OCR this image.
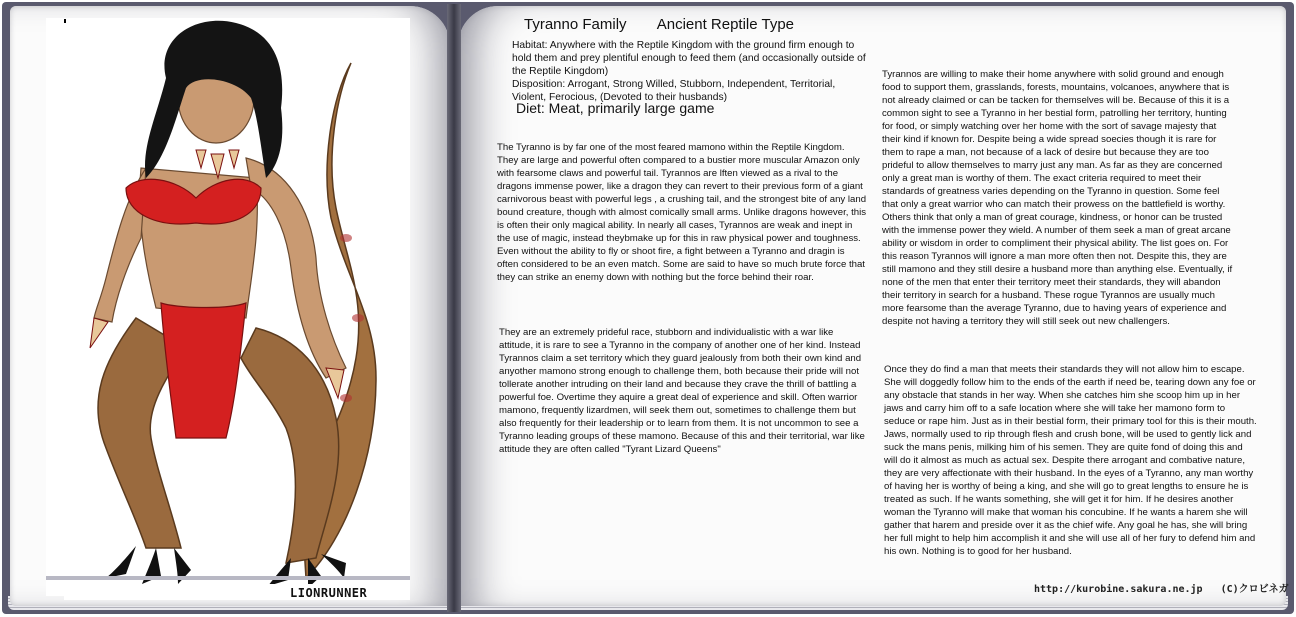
LIONRUNNER
Tyranno Family Ancient Reptile Type

Habitat: Anywhere with the Reptile Kingdom with the ground firm enough to hold them and prey plentiful enough to feed them (and occasionally outside of the Reptile Kingdom)

Disposition: Arrogant, Strong Willed, Stubborn, Independent, Territorial, Violent, Ferocious, (Devoted to their husbands)

Diet: Meat, primarily large game

The Tyranno is by far one of the most feared mamono within the Reptile Kingdom. They are large and powerful often compared to a bustier more muscular Amazon only with fearsome claws and powerful tail. Tyrannos are lften viewed as a rival to the dragons immense power, like a dragon they can revert to their previous form of a giant carnivorous beast with powerful legs , a crushing tail, and the strongest bite of any land bound creature, though with almost comically small arms. Unlike dragons however, this is often their only magical ability. In nearly all cases, Tyrannos are weak and inept in the use of magic, instead theybmake up for this in raw physical power and toughness. Even without the ability to fly or shoot fire, a fight between a Tyranno and dragin is often considered to be an even match. Some are said to have so much brute force that they can strike an enemy down with nothing but the force behind their roar.

They are an extremely prideful race, stubborn and individualistic with a war like attitude, it is rare to see a Tyranno in the company of another one of her kind. Instead Tyrannos claim a set territory which they guard jealously from both their own kind and anyother mamono strong enough to challenge them, both because their pride will not tollerate another intruding on their land and because they crave the thrill of battling a powerful foe. Overtime they aquire a great deal of experience and skill. Often warrior mamono, frequently lizardmen, will seek them out, sometimes to challenge them but also frequently for their leadership or to learn from them. It is not uncommon to see a Tyranno leading groups of these mamono. Because of this and their territorial, war like attitude they are often called "Tyrant Lizard Queens"

Tyrannos are willing to make their home anywhere with solid ground and enough food to support them, grasslands, forests, mountains, volcanoes, anywhere that is not already claimed or can be tacken for themselves will be. Because of this it is a common sight to see a Tyranno in her bestial form, patrolling her territory, hunting for food, or simply watching over her home with the sort of savage majesty that their kind if known for. Despite being a wide spread soecies though it is rare for them to rape a man, not because of a lack of desire but because they are too prideful to allow themselves to marry just any man. As far as they are concerned only a great man is worthy of them. The exact criteria required to meet their standards of greatness varies depending on the Tyranno in question. Some feel that only a great warrior who can match their prowess on the battlefield is worthy. Others think that only a man of great courage, kindness, or honor can be trusted with the immense power they wield. A number of them seek a man of great arcane ability or wisdom in order to compliment their physical ability. The list goes on. For this reason Tyrannos will ignore a man more often then not. Despite this, they are still mamono and they still desire a husband more than anything else. Eventually, if none of the men that enter their territory meet their standards, they will abandon their territory in search for a husband. These rogue Tyrannos are usually much more fearsome than the average Tyranno, due to having years of experience and despite not having a territory they will still seek out new challengers.

Once they do find a man that meets their standards they will not allow him to escape. She will doggedly follow him to the ends of the earth if need be, tearing down any foe or any obstacle that stands in her way. When she catches him she scoop him up in her jaws and carry him off to a safe location where she will take her mamono form to seduce or rape him. Just as in their bestial form, their primary tool for this is their mouth. Jaws, normally used to rip through flesh and crush bone, will be used to gently lick and suck the mans penis, milking him of his semen. They are quite fond of doing this and will do it almost as much as actual sex. Despite there arrogant and combative nature, they are very affectionate with their husband. In the eyes of a Tyranno, any man worthy of having her is worthy of being a king, and she will go to great lengths to ensure he is treated as such. If he wants something, she will get it for him. If he desires another woman the Tyranno will make that woman his concubine. If he wants a harem she will gather that harem and preside over it as the chief wife. Any goal he has, she will bring her full might to help him accomplish it and she will use all of her fury to defend him and his own. Nothing is to good for her husband.

http://kurobine.sakura.ne.jp (C)クロビネガ
